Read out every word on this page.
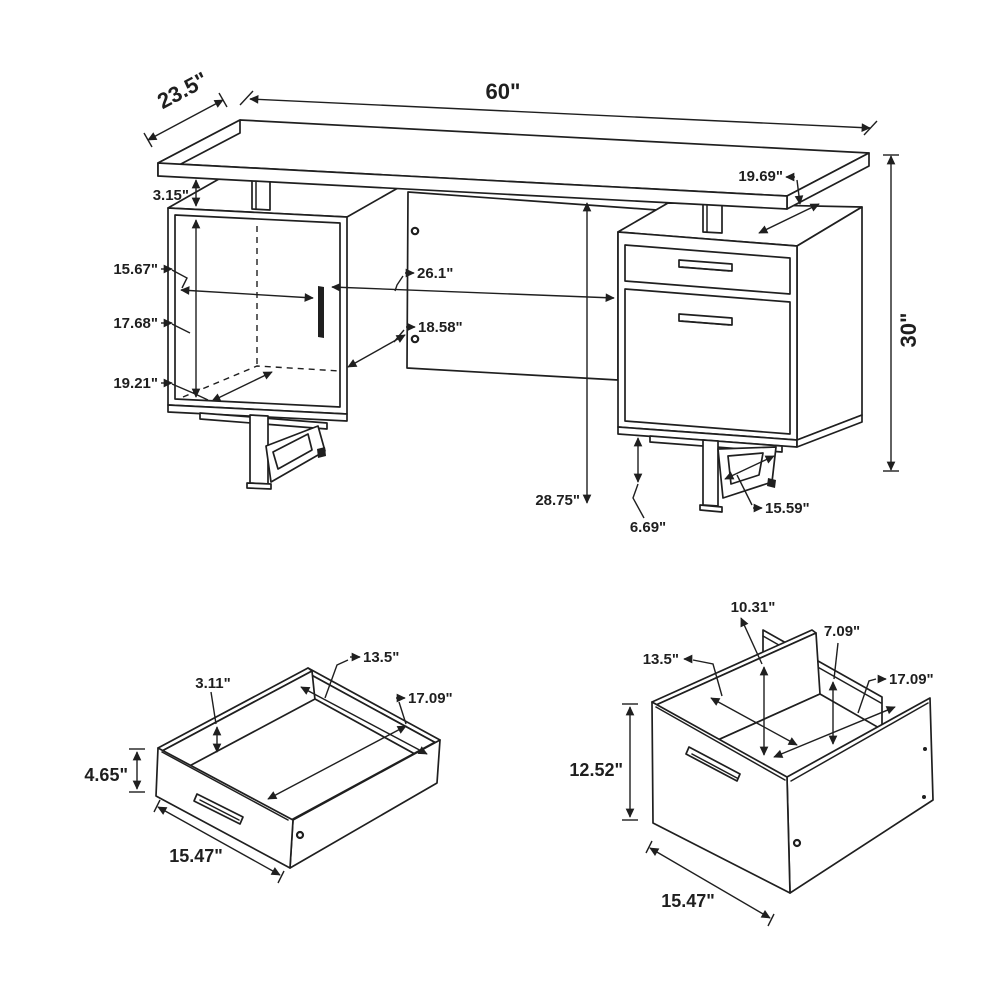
23.5"	60"
3.15"
15.67"
17.68"
19.21"
26.1"
18.58"
28.75"
6.69"
15.59"
19.69"
30"
3.11"
13.5"
17.09"
4.65"
15.47"
10.31"
7.09"
13.5"
17.09"
12.52"
15.47"
